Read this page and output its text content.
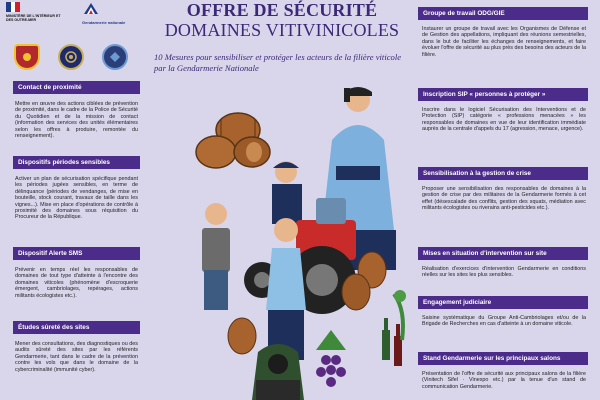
MINISTÈRE DE L'INTÉRIEUR ET DES OUTRE-MER	Gendarmerie nationale
Contact de proximité
Mettre en œuvre des actions ciblées de prévention de proximité, dans le cadre de la Police de Sécurité du Quotidien et de la mission de contact (information des services des unités élémentaires selon les offres à produire, remontée du renseignement).
Dispositifs périodes sensibles
Activer un plan de sécurisation spécifique pendant les périodes jugées sensibles, en terme de délinquance (périodes de vendanges, de mise en bouteille, stock courant, travaux de taille dans les vignes...). Mise en place d'opérations de contrôle à proximité des domaines sous réquisition du Procureur de la République.
Dispositif Alerte SMS
Prévenir en temps réel les responsables de domaines de tout type d'atteinte à l'encontre des domaines viticoles (phénomène d'escroquerie émergent, cambriolages, repérages, actions militants écologistes etc.).
Études sûreté des sites
Mener des consultations, des diagnostiques ou des audits sûreté des sites par les référents Gendarmerie, tant dans le cadre de la prévention contre les vols que dans le domaine de la cybercriminalité (immunité cyber).
OFFRE DE SÉCURITÉ
DOMAINES VITIVINICOLES
10 Mesures pour sensibiliser et protéger les acteurs de la filière viticole par la Gendarmerie Nationale
Groupe de travail ODG/GIE
Instaurer un groupe de travail avec les Organismes de Défense et de Gestion des appellations, impliquant des réunions semestrielles, dans le but de faciliter les échanges de renseignements, et faire évoluer l'offre de sécurité au plus près des besoins des acteurs de la filière.
Inscription SIP « personnes à protéger »
Inscrire dans le logiciel Sécurisation des Interventions et de Protection (SIP) catégorie « professions menacées » les responsables de domaines en vue de leur identification immédiate auprès de la centrale d'appels du 17 (agression, menace, urgence).
Sensibilisation à la gestion de crise
Proposer une sensibilisation des responsables de domaines à la gestion de crise par des militaires de la Gendarmerie formés à cet effet (désescalade des conflits, gestion des squats, médiation avec militants écologistes ou riverains anti-pesticides etc.).
Mises en situation d'intervention sur site
Réalisation d'exercices d'intervention Gendarmerie en conditions réelles sur les sites les plus sensibles.
Engagement judiciaire
Saisine systématique du Groupe Anti-Cambriolages et/ou de la Brigade de Recherches en cas d'atteinte à un domaine viticole.
Stand Gendarmerie sur les principaux salons
Présentation de l'offre de sécurité aux principaux salons de la filière (Vinitech Sifel · Vinexpo etc.) par la tenue d'un stand de communication Gendarmerie.
